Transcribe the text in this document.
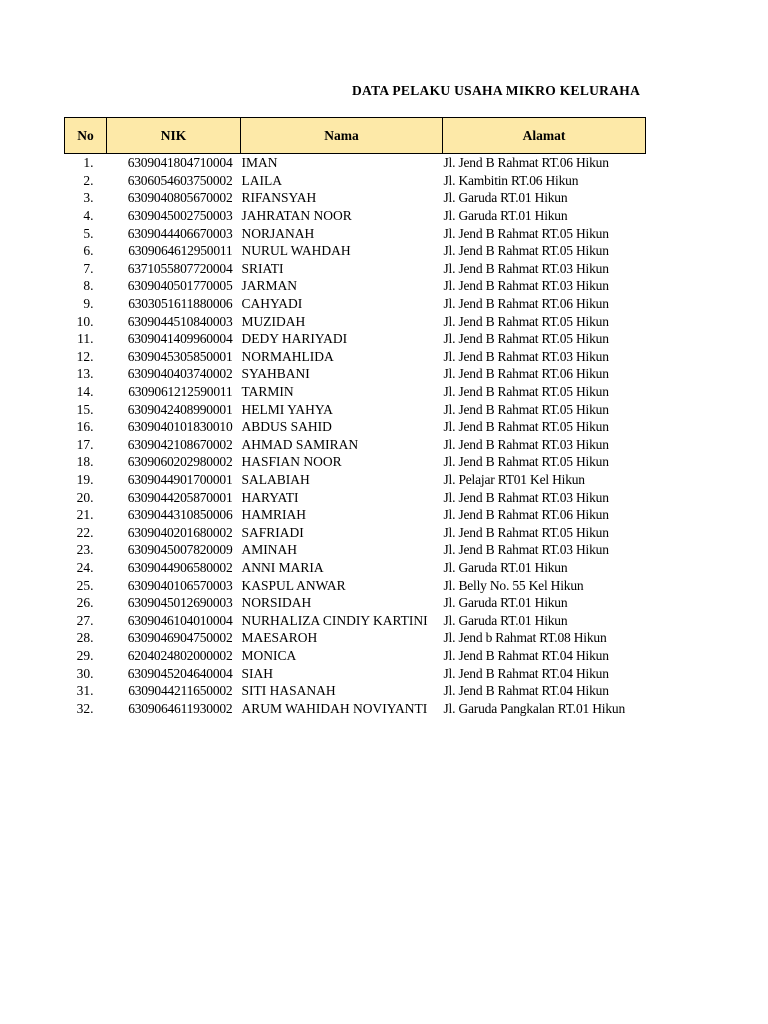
DATA PELAKU USAHA MIKRO KELURAHA
No	NIK	Nama	Alamat
1.	6309041804710004	IMAN	Jl. Jend B Rahmat RT.06 Hikun
2.	6306054603750002	LAILA	Jl. Kambitin RT.06 Hikun
3.	6309040805670002	RIFANSYAH	Jl. Garuda RT.01 Hikun
4.	6309045002750003	JAHRATAN NOOR	Jl. Garuda RT.01 Hikun
5.	6309044406670003	NORJANAH	Jl. Jend B Rahmat RT.05 Hikun
6.	6309064612950011	NURUL WAHDAH	Jl. Jend B Rahmat RT.05 Hikun
7.	6371055807720004	SRIATI	Jl. Jend B Rahmat RT.03 Hikun
8.	6309040501770005	JARMAN	Jl. Jend B Rahmat RT.03 Hikun
9.	6303051611880006	CAHYADI	Jl. Jend B Rahmat RT.06 Hikun
10.	6309044510840003	MUZIDAH	Jl. Jend B Rahmat RT.05 Hikun
11.	6309041409960004	DEDY HARIYADI	Jl. Jend B Rahmat RT.05 Hikun
12.	6309045305850001	NORMAHLIDA	Jl. Jend B Rahmat RT.03 Hikun
13.	6309040403740002	SYAHBANI	Jl. Jend B Rahmat RT.06 Hikun
14.	6309061212590011	TARMIN	Jl. Jend B Rahmat RT.05 Hikun
15.	6309042408990001	HELMI YAHYA	Jl. Jend B Rahmat RT.05 Hikun
16.	6309040101830010	ABDUS SAHID	Jl. Jend B Rahmat RT.05 Hikun
17.	6309042108670002	AHMAD SAMIRAN	Jl. Jend B Rahmat RT.03 Hikun
18.	6309060202980002	HASFIAN NOOR	Jl. Jend B Rahmat RT.05 Hikun
19.	6309044901700001	SALABIAH	Jl. Pelajar RT01 Kel Hikun
20.	6309044205870001	HARYATI	Jl. Jend B Rahmat RT.03 Hikun
21.	6309044310850006	HAMRIAH	Jl. Jend B Rahmat RT.06 Hikun
22.	6309040201680002	SAFRIADI	Jl. Jend B Rahmat RT.05 Hikun
23.	6309045007820009	AMINAH	Jl. Jend B Rahmat RT.03 Hikun
24.	6309044906580002	ANNI MARIA	Jl. Garuda RT.01 Hikun
25.	6309040106570003	KASPUL ANWAR	Jl. Belly No. 55 Kel Hikun
26.	6309045012690003	NORSIDAH	Jl. Garuda RT.01 Hikun
27.	6309046104010004	NURHALIZA CINDIY KARTINI	Jl. Garuda RT.01 Hikun
28.	6309046904750002	MAESAROH	Jl. Jend b Rahmat RT.08 Hikun
29.	6204024802000002	MONICA	Jl. Jend B Rahmat RT.04 Hikun
30.	6309045204640004	SIAH	Jl. Jend B Rahmat RT.04 Hikun
31.	6309044211650002	SITI HASANAH	Jl. Jend B Rahmat RT.04 Hikun
32.	6309064611930002	ARUM WAHIDAH NOVIYANTI	Jl. Garuda Pangkalan RT.01 Hikun
